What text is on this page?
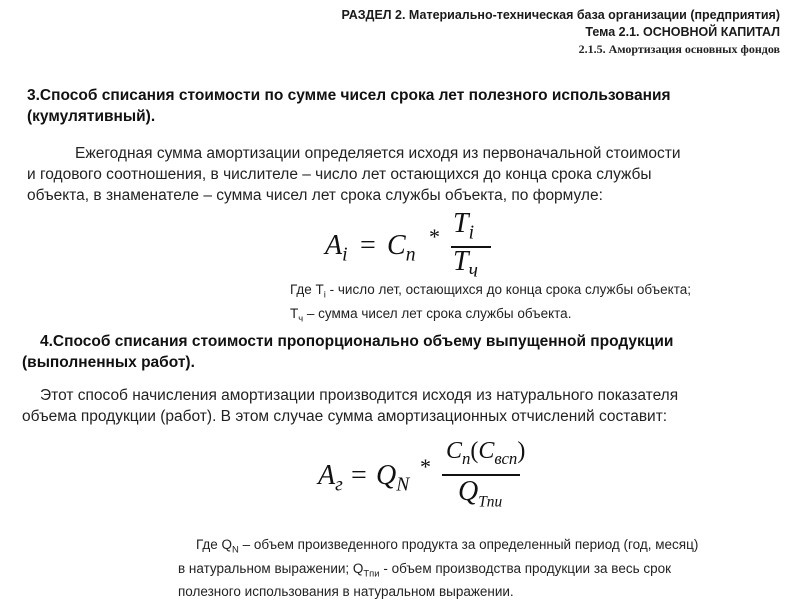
РАЗДЕЛ 2. Материально-техническая база организации (предприятия)
Тема 2.1. ОСНОВНОЙ КАПИТАЛ
2.1.5. Амортизация основных фондов
3.Способ списания стоимости по сумме чисел срока лет полезного использования
(кумулятивный).
Ежегодная сумма амортизации определяется исходя из первоначальной стоимости
и годового соотношения, в числителе – число лет остающихся до конца срока службы
объекта, в знаменателе – сумма чисел лет срока службы объекта, по формуле:
$A_i = C_n$
* $T_i$
$T_ч$
Где $T_i$ - число лет, остающихся до конца срока службы объекта;
$T_ч$ – сумма чисел лет срока службы объекта.
4.Способ списания стоимости пропорционально объему выпущенной продукции
(выполненных работ).
Этот способ начисления амортизации производится исходя из натурального показателя
объема продукции (работ). В этом случае сумма амортизационных отчислений составит:
$A_г = Q_N$
*
$C_п(C_{всп})$
$Q_{Tпи}$
Где $Q_N$ – объем произведенного продукта за определенный период (год, месяц)
в натуральном выражении; $Q_{Tпи}$ - объем производства продукции за весь срок
полезного использования в натуральном выражении.
